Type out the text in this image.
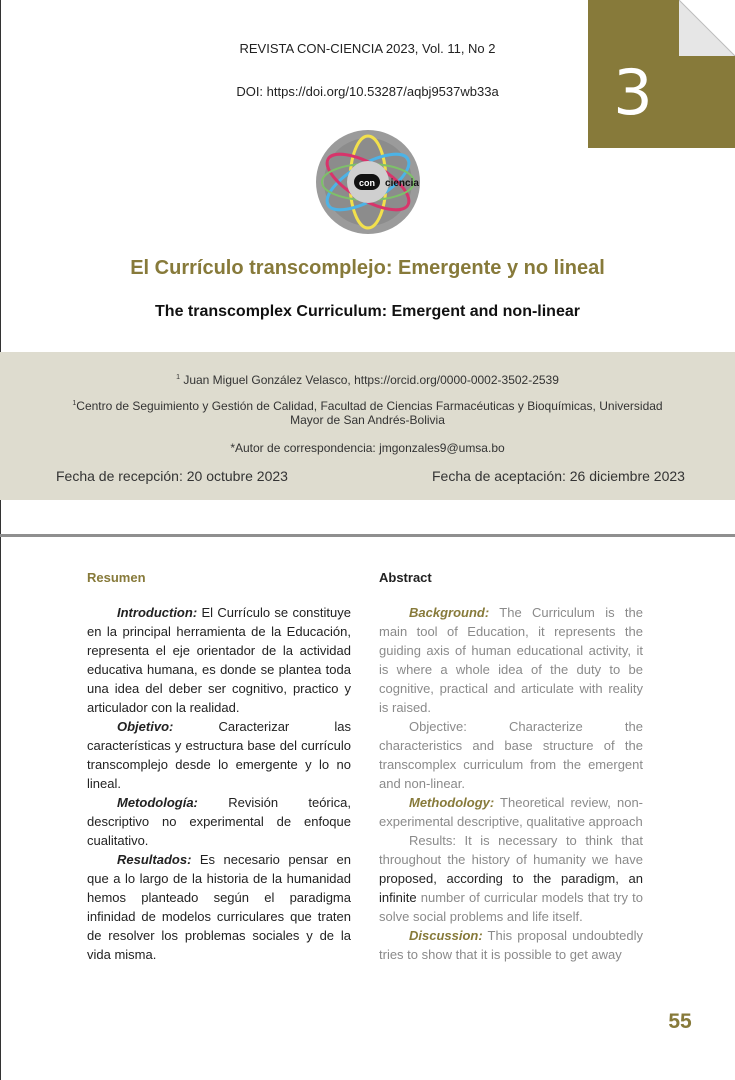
REVISTA CON-CIENCIA 2023, Vol. 11, No 2
DOI: https://doi.org/10.53287/aqbj9537wb33a	3
con ciencia
El Currículo transcomplejo: Emergente y no lineal
The transcomplex Curriculum: Emergent and non-linear
$^1$ Juan Miguel González Velasco, https://orcid.org/0000-0002-3502-2539
$^1$Centro de Seguimiento y Gestión de Calidad, Facultad de Ciencias Farmacéuticas y Bioquímicas, Universidad
Mayor de San Andrés-Bolivia
*Autor de correspondencia: jmgonzales9@umsa.bo
Fecha de recepción: 20 octubre 2023	Fecha de aceptación: 26 diciembre 2023
Resumen	Abstract

Introduction: El Currículo se constituye en la principal herramienta de la Educación, representa el eje orientador de la actividad educativa humana, es donde se plantea toda una idea del deber ser cognitivo, practico y articulador con la realidad.

Objetivo: Caracterizar las características y estructura base del currículo transcomplejo desde lo emergente y lo no lineal.

Metodología: Revisión teórica, descriptivo no experimental de enfoque cualitativo.

Resultados: Es necesario pensar en que a lo largo de la historia de la humanidad hemos planteado según el paradigma infinidad de modelos curriculares que traten de resolver los problemas sociales y de la vida misma.

Background: The Curriculum is the main tool of Education, it represents the guiding axis of human educational activity, it is where a whole idea of the duty to be cognitive, practical and articulate with reality is raised.

Objective: Characterize the characteristics and base structure of the transcomplex curriculum from the emergent and non-linear.

Methodology: Theoretical review, non-experimental descriptive, qualitative approach

Results: It is necessary to think that throughout the history of humanity we have proposed, according to the paradigm, an infinite number of curricular models that try to solve social problems and life itself.

Discussion: This proposal undoubtedly tries to show that it is possible to get away

55
